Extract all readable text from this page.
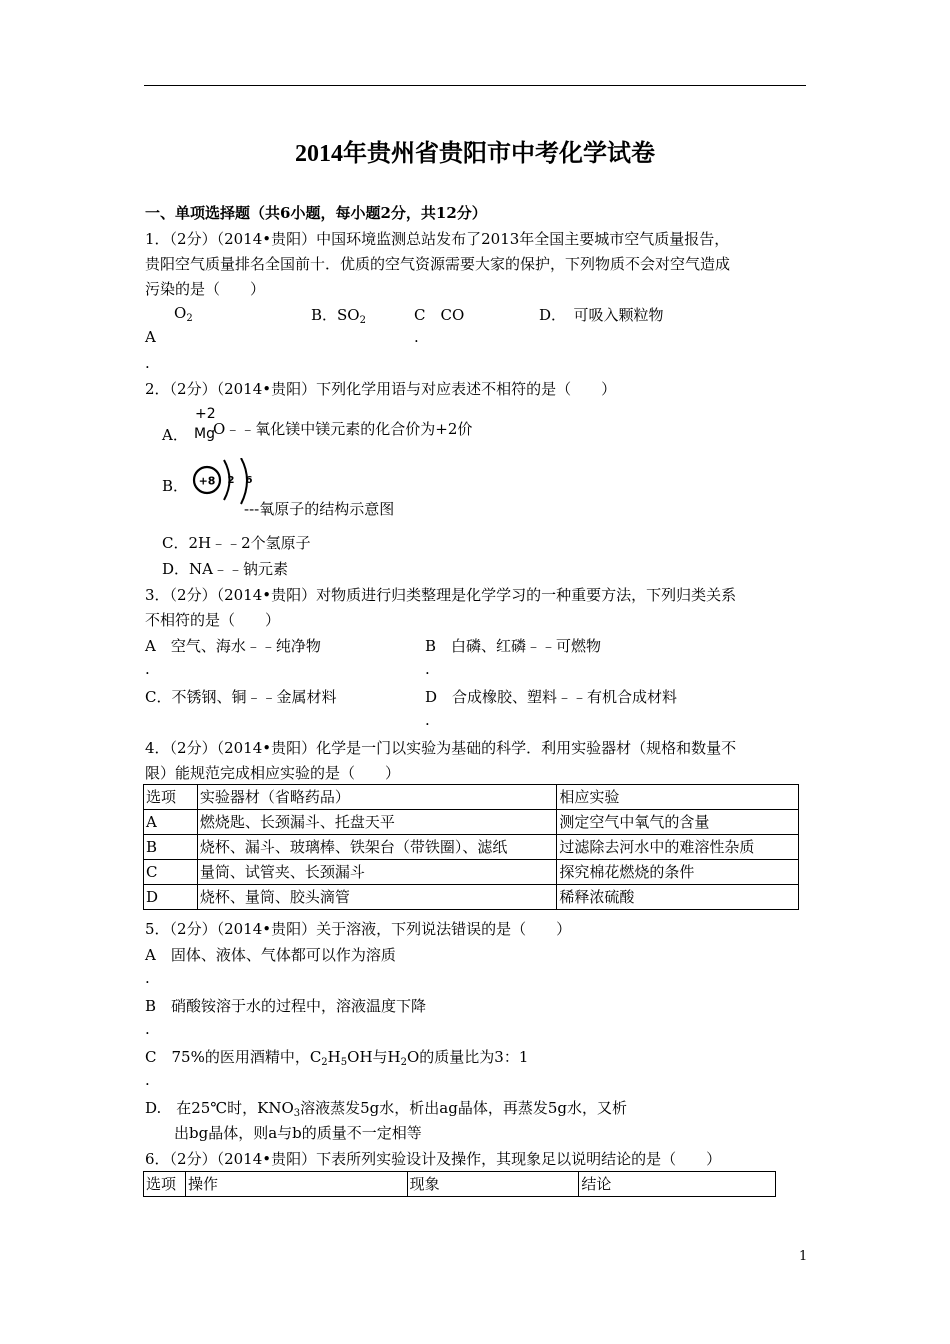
2014年贵州省贵阳市中考化学试卷
一、单项选择题（共6小题，每小题2分，共12分）
1．（2分）（2014•贵阳）中国环境监测总站发布了2013年全国主要城市空气质量报告，
贵阳空气质量排名全国前十．优质的空气资源需要大家的保护，下列物质不会对空气造成
污染的是（　　）
$O_2$
A
.
B．$SO_2$	C　CO
.
D．　可吸入颗粒物
2．（2分）（2014•贵阳）下列化学用语与对应表述不相符的是（　　）
A．
+2
Mg
O﹣﹣氧化镁中镁元素的化合价为+2价
B． +8 2 6
---氧原子的结构示意图
C．2H﹣﹣2个氢原子
D．NA﹣﹣钠元素
3．（2分）（2014•贵阳）对物质进行归类整理是化学学习的一种重要方法，下列归类关系
不相符的是（　　）
A　空气、海水﹣﹣纯净物
.
B　白磷、红磷﹣﹣可燃物
.
C．不锈钢、铜﹣﹣金属材料	D　合成橡胶、塑料﹣﹣有机合成材料
.
4．（2分）（2014•贵阳）化学是一门以实验为基础的科学．利用实验器材（规格和数量不
限）能规范完成相应实验的是（　　）
选项	实验器材（省略药品）	相应实验
A	燃烧匙、长颈漏斗、托盘天平	测定空气中氧气的含量
B	烧杯、漏斗、玻璃棒、铁架台（带铁圈）、滤纸	过滤除去河水中的难溶性杂质
C	量筒、试管夹、长颈漏斗	探究棉花燃烧的条件
D	烧杯、量筒、胶头滴管	稀释浓硫酸
5．（2分）（2014•贵阳）关于溶液，下列说法错误的是（　　）
A　固体、液体、气体都可以作为溶质
.
B　硝酸铵溶于水的过程中，溶液温度下降
.
C　75%的医用酒精中，$C_2H_5OH$与$H_2O$的质量比为3：1
.
D.　在25℃时，$KNO_3$溶液蒸发5g水，析出ag晶体，再蒸发5g水，又析
出bg晶体，则a与b的质量不一定相等
6．（2分）（2014•贵阳）下表所列实验设计及操作，其现象足以说明结论的是（　　）
选项	操作	现象	结论
1
